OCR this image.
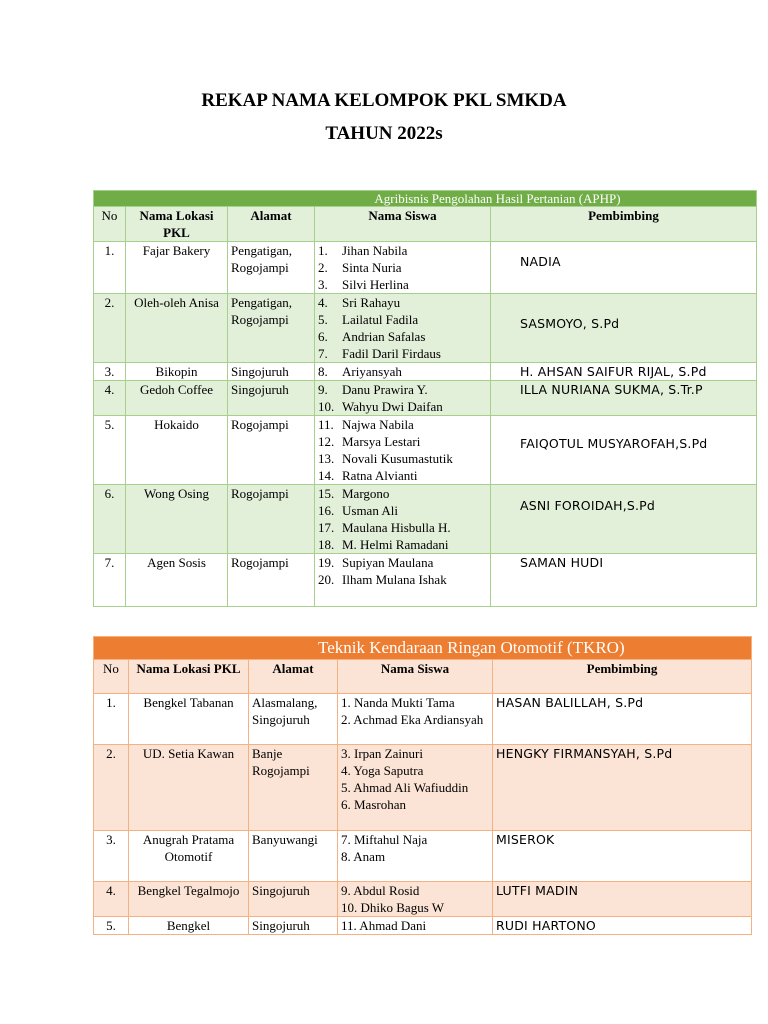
REKAP NAMA KELOMPOK PKL SMKDA
TAHUN 2022s
Agribisnis Pengolahan Hasil Pertanian (APHP)				
No	Nama Lokasi PKL	Alamat	Nama Siswa	Pembimbing
1.	Fajar Bakery	Pengatigan, Rogojampi	1. Jihan Nabila
2. Sinta Nuria
3. Silvi Herlina	NADIA

2.	Oleh-oleh Anisa	Pengatigan, Rogojampi	4. Sri Rahayu
5. Lailatul Fadila
6. Andrian Safalas
7. Fadil Daril Firdaus	SASMOYO, S.Pd

3.	Bikopin	Singojuruh	8. Ariyansyah	H. AHSAN SAIFUR RIJAL, S.Pd

4.	Gedoh Coffee	Singojuruh	9. Danu Prawira Y.
10. Wahyu Dwi Daifan	ILLA NURIANA SUKMA, S.Tr.P

5.	Hokaido	Rogojampi	11. Najwa Nabila
12. Marsya Lestari
13. Novali Kusumastutik
14. Ratna Alvianti	FAIQOTUL MUSYAROFAH,S.Pd

6.	Wong Osing	Rogojampi	15. Margono
16. Usman Ali
17. Maulana Hisbulla H.
18. M. Helmi Ramadani	ASNI FOROIDAH,S.Pd

7.	Agen Sosis	Rogojampi	19. Supiyan Maulana
20. Ilham Mulana Ishak	SAMAN HUDI
Teknik Kendaraan Ringan Otomotif (TKRO)				
No	Nama Lokasi PKL	Alamat	Nama Siswa	Pembimbing
1.	Bengkel Tabanan	Alasmalang, Singojuruh	1. Nanda Mukti Tama
2. Achmad Eka Ardiansyah	HASAN BALILLAH, S.Pd

2.	UD. Setia Kawan	Banje Rogojampi	3. Irpan Zainuri
4. Yoga Saputra
5. Ahmad Ali Wafiuddin
6. Masrohan	HENGKY FIRMANSYAH, S.Pd

3.	Anugrah Pratama Otomotif	Banyuwangi	7. Miftahul Naja
8. Anam	MISEROK

4.	Bengkel Tegalmojo	Singojuruh	9. Abdul Rosid
10. Dhiko Bagus W	LUTFI MADIN

5.	Bengkel	Singojuruh	11. Ahmad Dani	RUDI HARTONO
